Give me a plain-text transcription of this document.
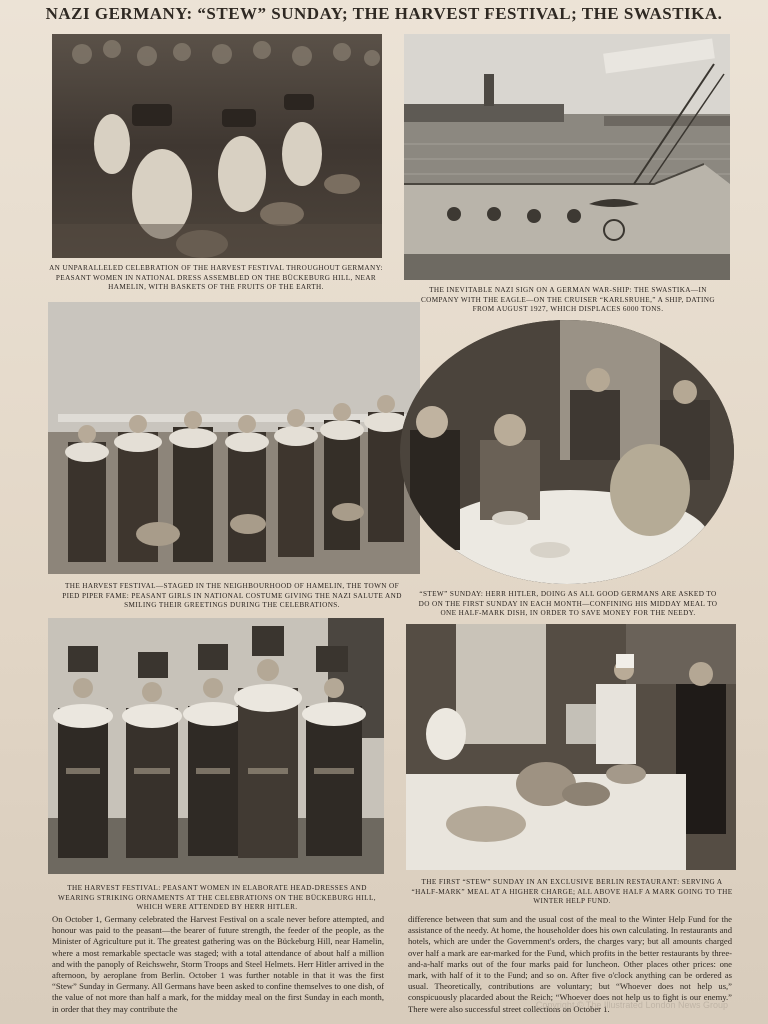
NAZI GERMANY: “STEW” SUNDAY; THE HARVEST FESTIVAL; THE SWASTIKA.
AN UNPARALLELED CELEBRATION OF THE HARVEST FESTIVAL THROUGHOUT GERMANY: PEASANT WOMEN IN NATIONAL DRESS ASSEMBLED ON THE BÜCKEBURG HILL, NEAR HAMELIN, WITH BASKETS OF THE FRUITS OF THE EARTH.	THE INEVITABLE NAZI SIGN ON A GERMAN WAR-SHIP: THE SWASTIKA—IN COMPANY WITH THE EAGLE—ON THE CRUISER “KARLSRUHE,” A SHIP, DATING FROM AUGUST 1927, WHICH DISPLACES 6000 TONS.
THE HARVEST FESTIVAL—STAGED IN THE NEIGHBOURHOOD OF HAMELIN, THE TOWN OF PIED PIPER FAME: PEASANT GIRLS IN NATIONAL COSTUME GIVING THE NAZI SALUTE AND SMILING THEIR GREETINGS DURING THE CELEBRATIONS.
“STEW” SUNDAY: HERR HITLER, DOING AS ALL GOOD GERMANS ARE ASKED TO DO ON THE FIRST SUNDAY IN EACH MONTH—CONFINING HIS MIDDAY MEAL TO ONE HALF-MARK DISH, IN ORDER TO SAVE MONEY FOR THE NEEDY.
THE HARVEST FESTIVAL: PEASANT WOMEN IN ELABORATE HEAD-DRESSES AND WEARING STRIKING ORNAMENTS AT THE CELEBRATIONS ON THE BÜCKEBURG HILL, WHICH WERE ATTENDED BY HERR HITLER.
THE FIRST “STEW” SUNDAY IN AN EXCLUSIVE BERLIN RESTAURANT: SERVING A “HALF-MARK” MEAL AT A HIGHER CHARGE; ALL ABOVE HALF A MARK GOING TO THE WINTER HELP FUND.
On October 1, Germany celebrated the Harvest Festival on a scale never before attempted, and honour was paid to the peasant—the bearer of future strength, the feeder of the people, as the Minister of Agriculture put it. The greatest gathering was on the Bückeburg Hill, near Hamelin, where a most remarkable spectacle was staged; with a total attendance of about half a million and with the panoply of Reichswehr, Storm Troops and Steel Helmets. Herr Hitler arrived in the afternoon, by aeroplane from Berlin. October 1 was further notable in that it was the first “Stew” Sunday in Germany. All Germans have been asked to confine themselves to one dish, of the value of not more than half a mark, for the midday meal on the first Sunday in each month, in order that they may contribute the
difference between that sum and the usual cost of the meal to the Winter Help Fund for the assistance of the needy. At home, the householder does his own calculating. In restaurants and hotels, which are under the Government's orders, the charges vary; but all amounts charged over half a mark are ear-marked for the Fund, which profits in the better restaurants by three-and-a-half marks out of the four marks paid for luncheon. Other places other prices: one mark, with half of it to the Fund; and so on. After five o'clock anything can be ordered as usual. Theoretically, contributions are voluntary; but “Whoever does not help us,” conspicuously placarded about the Reich; “Whoever does not help us to fight is our enemy.” There were also successful street collections on October 1.
Copyright © The Illustrated London News Group
